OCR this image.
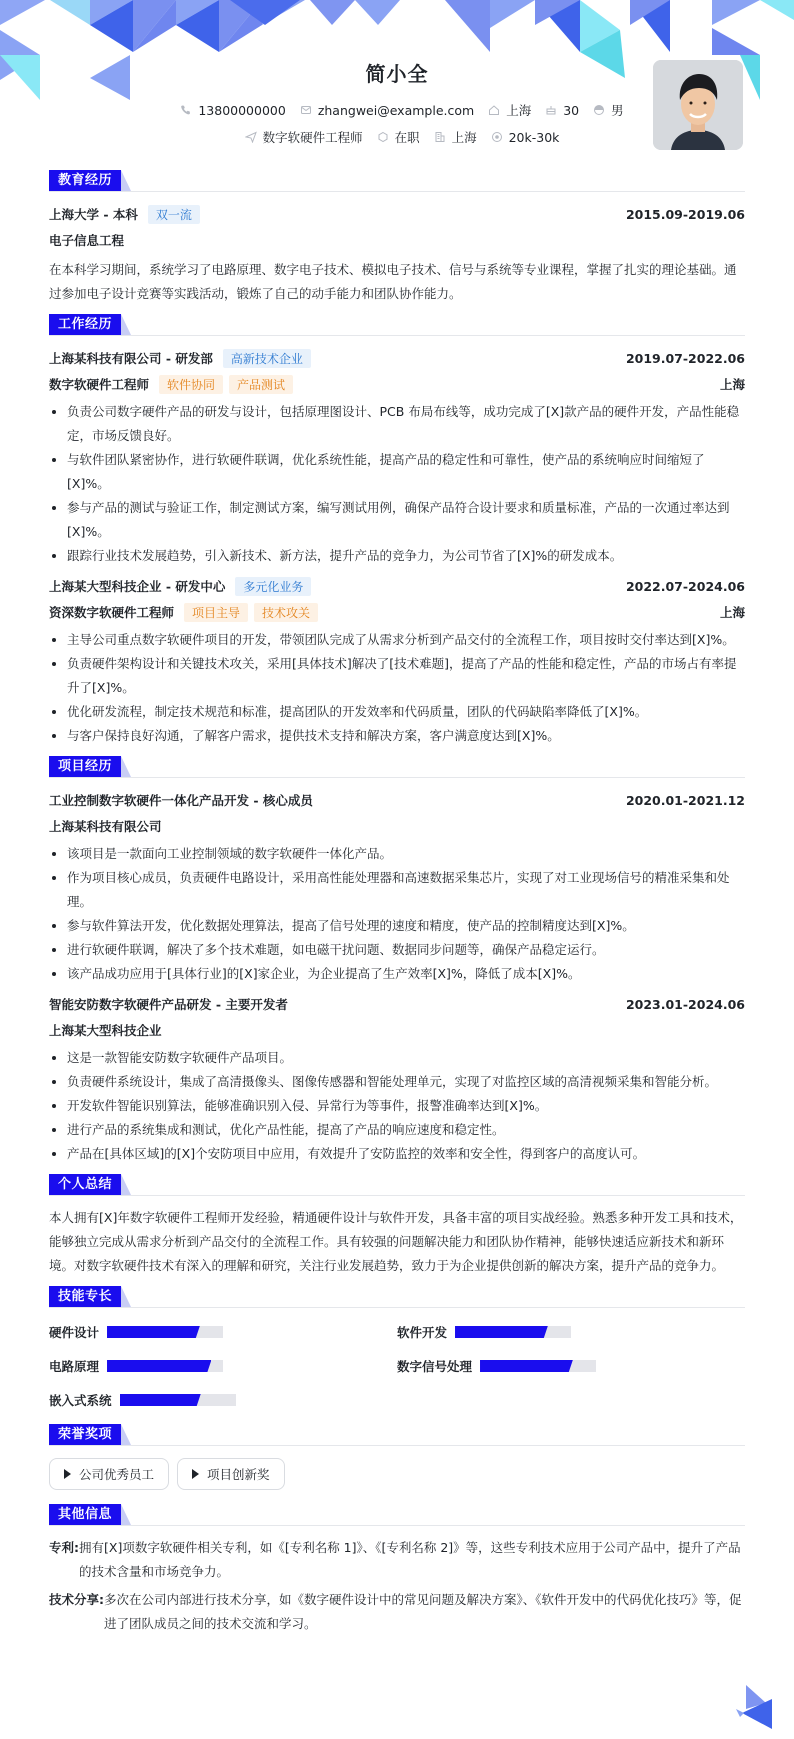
简小全
13800000000	zhangwei@example.com	上海	30	男
数字软硬件工程师	在职	上海	20k-30k
教育经历
上海大学 - 本科	双一流	2015.09-2019.06
电子信息工程

在本科学习期间，系统学习了电路原理、数字电子技术、模拟电子技术、信号与系统等专业课程，掌握了扎实的理论基础。通过参加电子设计竞赛等实践活动，锻炼了自己的动手能力和团队协作能力。

工作经历
上海某科技有限公司 - 研发部	高新技术企业	2019.07-2022.06
数字软硬件工程师	软件协同	产品测试	上海
负责公司数字硬件产品的研发与设计，包括原理图设计、PCB 布局布线等，成功完成了[X]款产品的硬件开发，产品性能稳定，市场反馈良好。
与软件团队紧密协作，进行软硬件联调，优化系统性能，提高产品的稳定性和可靠性，使产品的系统响应时间缩短了[X]%。
参与产品的测试与验证工作，制定测试方案，编写测试用例，确保产品符合设计要求和质量标准，产品的一次通过率达到[X]%。
跟踪行业技术发展趋势，引入新技术、新方法，提升产品的竞争力，为公司节省了[X]%的研发成本。
上海某大型科技企业 - 研发中心	多元化业务	2022.07-2024.06
资深数字软硬件工程师	项目主导	技术攻关	上海
主导公司重点数字软硬件项目的开发，带领团队完成了从需求分析到产品交付的全流程工作，项目按时交付率达到[X]%。
负责硬件架构设计和关键技术攻关，采用[具体技术]解决了[技术难题]，提高了产品的性能和稳定性，产品的市场占有率提升了[X]%。
优化研发流程，制定技术规范和标准，提高团队的开发效率和代码质量，团队的代码缺陷率降低了[X]%。
与客户保持良好沟通，了解客户需求，提供技术支持和解决方案，客户满意度达到[X]%。
项目经历
工业控制数字软硬件一体化产品开发 - 核心成员	2020.01-2021.12
上海某科技有限公司
该项目是一款面向工业控制领域的数字软硬件一体化产品。
作为项目核心成员，负责硬件电路设计，采用高性能处理器和高速数据采集芯片，实现了对工业现场信号的精准采集和处理。
参与软件算法开发，优化数据处理算法，提高了信号处理的速度和精度，使产品的控制精度达到[X]%。
进行软硬件联调，解决了多个技术难题，如电磁干扰问题、数据同步问题等，确保产品稳定运行。
该产品成功应用于[具体行业]的[X]家企业，为企业提高了生产效率[X]%，降低了成本[X]%。
智能安防数字软硬件产品研发 - 主要开发者	2023.01-2024.06
上海某大型科技企业
这是一款智能安防数字软硬件产品项目。
负责硬件系统设计，集成了高清摄像头、图像传感器和智能处理单元，实现了对监控区域的高清视频采集和智能分析。
开发软件智能识别算法，能够准确识别入侵、异常行为等事件，报警准确率达到[X]%。
进行产品的系统集成和测试，优化产品性能，提高了产品的响应速度和稳定性。
产品在[具体区域]的[X]个安防项目中应用，有效提升了安防监控的效率和安全性，得到客户的高度认可。
个人总结

本人拥有[X]年数字软硬件工程师开发经验，精通硬件设计与软件开发，具备丰富的项目实战经验。熟悉多种开发工具和技术，能够独立完成从需求分析到产品交付的全流程工作。具有较强的问题解决能力和团队协作精神，能够快速适应新技术和新环境。对数字软硬件技术有深入的理解和研究，关注行业发展趋势，致力于为企业提供创新的解决方案，提升产品的竞争力。

技能专长
硬件设计	软件开发
电路原理	数字信号处理
嵌入式系统
荣誉奖项
公司优秀员工	项目创新奖
其他信息
专利: 拥有[X]项数字软硬件相关专利，如《[专利名称 1]》、《[专利名称 2]》等，这些专利技术应用于公司产品中，提升了产品的技术含量和市场竞争力。
技术分享: 多次在公司内部进行技术分享，如《数字硬件设计中的常见问题及解决方案》、《软件开发中的代码优化技巧》等，促进了团队成员之间的技术交流和学习。
